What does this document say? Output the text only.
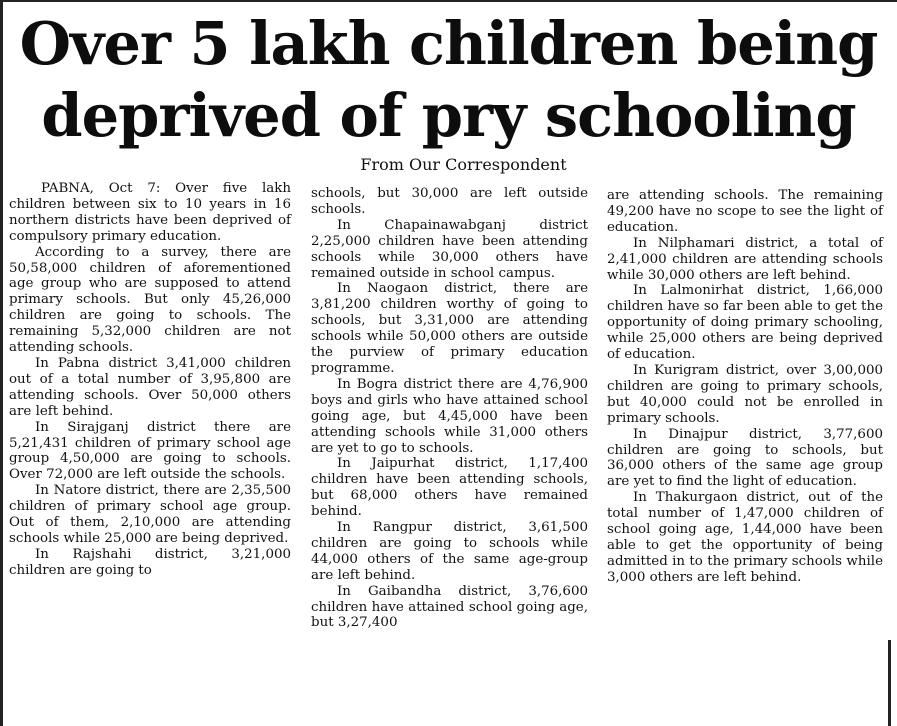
Over 5 lakh children being
deprived of pry schooling
From Our Correspondent

PABNA, Oct 7: Over five lakh children between six to 10 years in 16 northern districts have been deprived of compulsory primary education.

According to a survey, there are 50,58,000 children of aforementioned age group who are supposed to attend primary schools. But only 45,26,000 children are going to schools. The remaining 5,32,000 children are not attending schools.

In Pabna district 3,41,000 children out of a total number of 3,95,800 are attending schools. Over 50,000 others are left behind.

In Sirajganj district there are 5,21,431 children of primary school age group 4,50,000 are going to schools. Over 72,000 are left outside the schools.

In Natore district, there are 2,35,500 children of primary school age group. Out of them, 2,10,000 are attending schools while 25,000 are being deprived.

In Rajshahi district, 3,21,000 children are going to

schools, but 30,000 are left outside schools.

In Chapainawabganj district 2,25,000 children have been attending schools while 30,000 others have remained outside in school campus.

In Naogaon district, there are 3,81,200 children worthy of going to schools, but 3,31,000 are attending schools while 50,000 others are outside the purview of primary education programme.

In Bogra district there are 4,76,900 boys and girls who have attained school going age, but 4,45,000 have been attending schools while 31,000 others are yet to go to schools.

In Jaipurhat district, 1,17,400 children have been attending schools, but 68,000 others have remained behind.

In Rangpur district, 3,61,500 children are going to schools while 44,000 others of the same age-group are left behind.

In Gaibandha district, 3,76,600 children have attained school going age, but 3,27,400

are attending schools. The remaining 49,200 have no scope to see the light of education.

In Nilphamari district, a total of 2,41,000 children are attending schools while 30,000 others are left behind.

In Lalmonirhat district, 1,66,000 children have so far been able to get the opportunity of doing primary schooling, while 25,000 others are being deprived of education.

In Kurigram district, over 3,00,000 children are going to primary schools, but 40,000 could not be enrolled in primary schools.

In Dinajpur district, 3,77,600 children are going to schools, but 36,000 others of the same age group are yet to find the light of education.

In Thakurgaon district, out of the total number of 1,47,000 children of school going age, 1,44,000 have been able to get the opportunity of being admitted in to the primary schools while 3,000 others are left behind.
